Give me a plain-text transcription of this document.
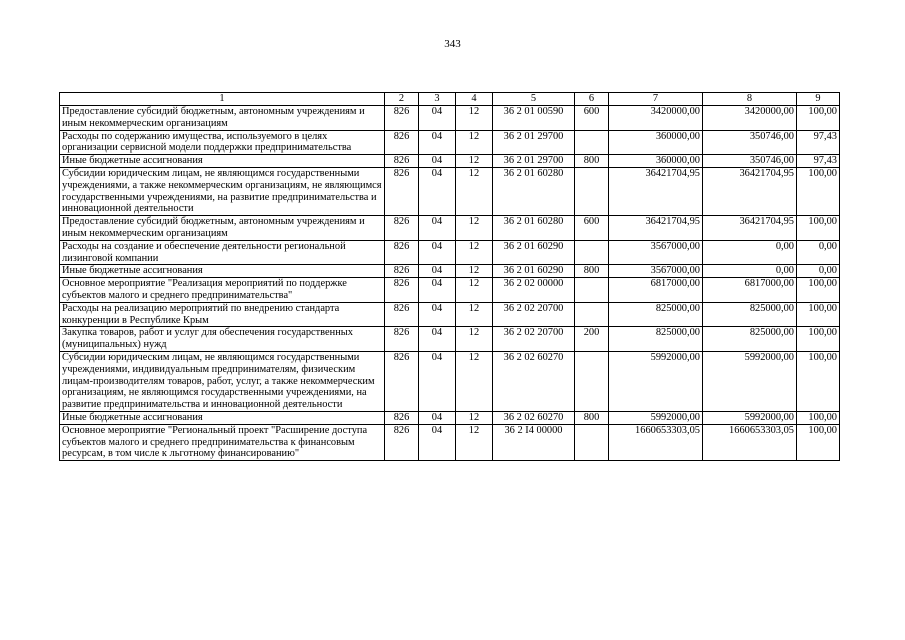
343
1	2	3	4	5	6	7	8	9
Предоставление субсидий бюджетным, автономным учреждениям и иным некоммерческим организациям	826	04	12	36 2 01 00590	600	3420000,00	3420000,00	100,00
Расходы по содержанию имущества, используемого в целях организации сервисной модели поддержки предпринимательства	826	04	12	36 2 01 29700		360000,00	350746,00	97,43
Иные бюджетные ассигнования	826	04	12	36 2 01 29700	800	360000,00	350746,00	97,43
Субсидии юридическим лицам, не являющимся государственными учреждениями, а также некоммерческим организациям, не являющимся государственными учреждениями, на развитие предпринимательства и инновационной деятельности	826	04	12	36 2 01 60280		36421704,95	36421704,95	100,00
Предоставление субсидий бюджетным, автономным учреждениям и иным некоммерческим организациям	826	04	12	36 2 01 60280	600	36421704,95	36421704,95	100,00
Расходы на создание и обеспечение деятельности региональной лизинговой компании	826	04	12	36 2 01 60290		3567000,00	0,00	0,00
Иные бюджетные ассигнования	826	04	12	36 2 01 60290	800	3567000,00	0,00	0,00
Основное мероприятие "Реализация мероприятий по поддержке субъектов малого и среднего предпринимательства"	826	04	12	36 2 02 00000		6817000,00	6817000,00	100,00
Расходы на реализацию мероприятий по внедрению стандарта конкуренции в Республике Крым	826	04	12	36 2 02 20700		825000,00	825000,00	100,00
Закупка товаров, работ и услуг для обеспечения государственных (муниципальных) нужд	826	04	12	36 2 02 20700	200	825000,00	825000,00	100,00
Субсидии юридическим лицам, не являющимся государственными учреждениями, индивидуальным предпринимателям, физическим лицам-производителям товаров, работ, услуг, а также некоммерческим организациям, не являющимся государственными учреждениями, на развитие предпринимательства и инновационной деятельности	826	04	12	36 2 02 60270		5992000,00	5992000,00	100,00
Иные бюджетные ассигнования	826	04	12	36 2 02 60270	800	5992000,00	5992000,00	100,00
Основное мероприятие "Региональный проект "Расширение доступа субъектов малого и среднего предпринимательства к финансовым ресурсам, в том числе к льготному финансированию"	826	04	12	36 2 I4 00000		1660653303,05	1660653303,05	100,00
